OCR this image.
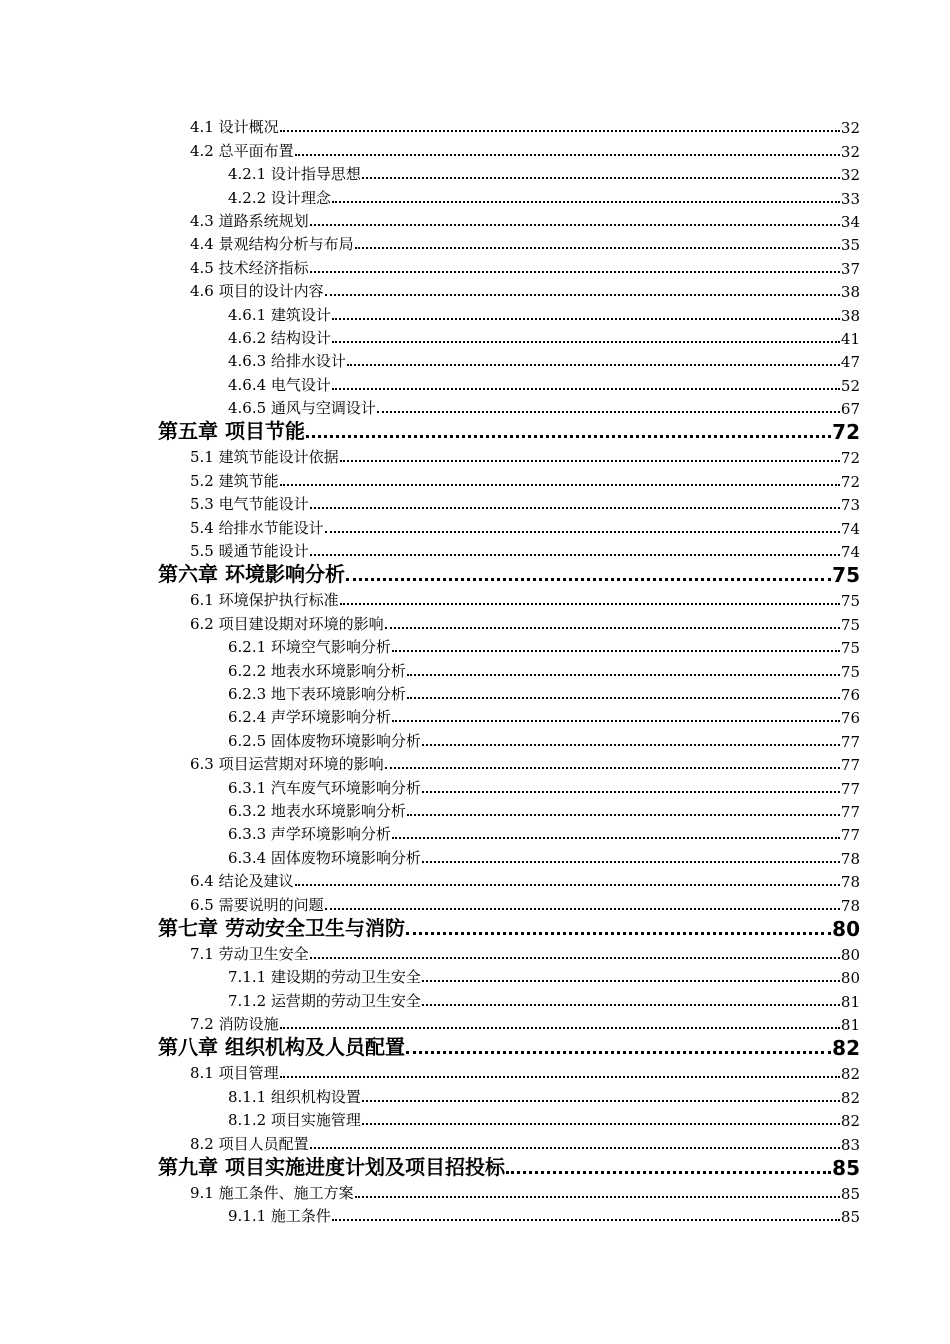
4.1 设计概况	32
4.2 总平面布置	32
4.2.1 设计指导思想	32
4.2.2 设计理念	33
4.3 道路系统规划	34
4.4 景观结构分析与布局	35
4.5 技术经济指标	37
4.6 项目的设计内容	38
4.6.1 建筑设计	38
4.6.2 结构设计	41
4.6.3 给排水设计	47
4.6.4 电气设计	52
4.6.5 通风与空调设计	67
第五章 项目节能	72
5.1 建筑节能设计依据	72
5.2 建筑节能	72
5.3 电气节能设计	73
5.4 给排水节能设计	74
5.5 暖通节能设计	74
第六章 环境影响分析	75
6.1 环境保护执行标准	75
6.2 项目建设期对环境的影响	75
6.2.1 环境空气影响分析	75
6.2.2 地表水环境影响分析	75
6.2.3 地下表环境影响分析	76
6.2.4 声学环境影响分析	76
6.2.5 固体废物环境影响分析	77
6.3 项目运营期对环境的影响	77
6.3.1 汽车废气环境影响分析	77
6.3.2 地表水环境影响分析	77
6.3.3 声学环境影响分析	77
6.3.4 固体废物环境影响分析	78
6.4 结论及建议	78
6.5 需要说明的问题	78
第七章 劳动安全卫生与消防	80
7.1 劳动卫生安全	80
7.1.1 建设期的劳动卫生安全	80
7.1.2 运营期的劳动卫生安全	81
7.2 消防设施	81
第八章 组织机构及人员配置	82
8.1 项目管理	82
8.1.1 组织机构设置	82
8.1.2 项目实施管理	82
8.2 项目人员配置	83
第九章 项目实施进度计划及项目招投标	85
9.1 施工条件、施工方案	85
9.1.1 施工条件	85
